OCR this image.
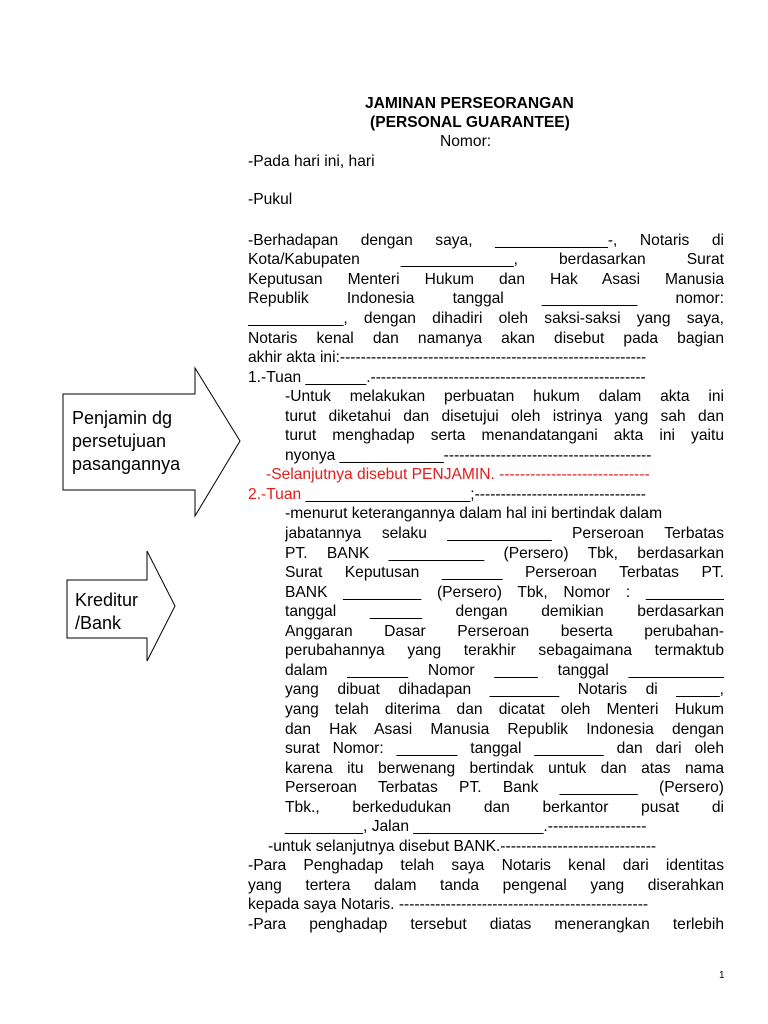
Penjamin dg
persetujuan
pasangannya
Kreditur
/Bank
JAMINAN PERSEORANGAN
(PERSONAL GUARANTEE)
Nomor:
-Pada hari ini, hari
-Pukul
-Berhadapan dengan saya, _____________-, Notaris di
Kota/Kabupaten _____________, berdasarkan Surat
Keputusan Menteri Hukum dan Hak Asasi Manusia
Republik Indonesia tanggal ___________ nomor:
___________, dengan dihadiri oleh saksi-saksi yang saya,
Notaris kenal dan namanya akan disebut pada bagian
akhir akta ini:-----------------------------------------------------------
1.-Tuan _______.-----------------------------------------------------
-Untuk melakukan perbuatan hukum dalam akta ini
turut diketahui dan disetujui oleh istrinya yang sah dan
turut menghadap serta menandatangani akta ini yaitu
nyonya ____________----------------------------------------
-Selanjutnya disebut PENJAMIN. -----------------------------
2.-Tuan ___________________;---------------------------------
-menurut keterangannya dalam hal ini bertindak dalam
jabatannya selaku ____________ Perseroan Terbatas
PT. BANK ___________ (Persero) Tbk, berdasarkan
Surat Keputusan _______ Perseroan Terbatas PT.
BANK _________ (Persero) Tbk, Nomor : _________
tanggal ______ dengan demikian berdasarkan
Anggaran Dasar Perseroan beserta perubahan-
perubahannya yang terakhir sebagaimana termaktub
dalam _______ Nomor _____ tanggal ___________
yang dibuat dihadapan ________ Notaris di _____,
yang telah diterima dan dicatat oleh Menteri Hukum
dan Hak Asasi Manusia Republik Indonesia dengan
surat Nomor: _______ tanggal ________ dan dari oleh
karena itu berwenang bertindak untuk dan atas nama
Perseroan Terbatas PT. Bank _________ (Persero)
Tbk., berkedudukan dan berkantor pusat di
_________, Jalan _______________.-------------------
-untuk selanjutnya disebut BANK.------------------------------
-Para Penghadap telah saya Notaris kenal dari identitas
yang tertera dalam tanda pengenal yang diserahkan
kepada saya Notaris. ------------------------------------------------
-Para penghadap tersebut diatas menerangkan terlebih
1
